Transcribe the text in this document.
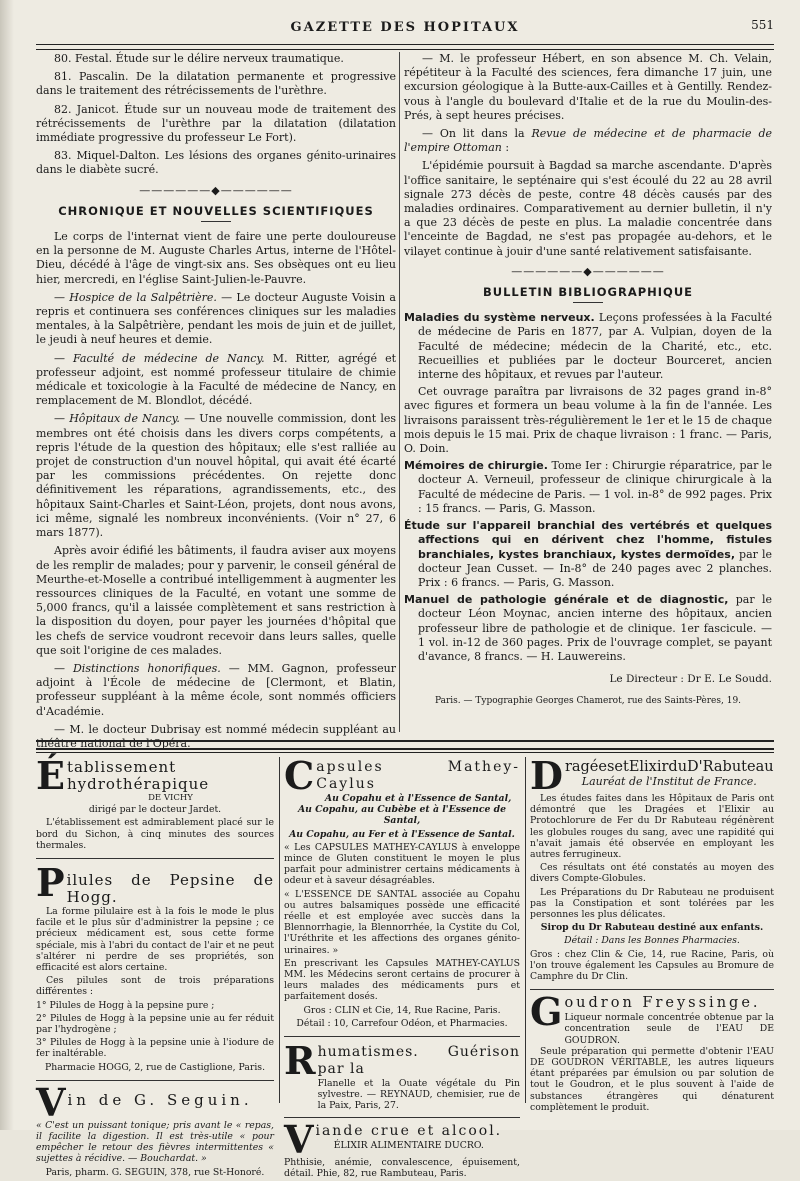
GAZETTE DES HOPITAUX	551

80. Festal. Étude sur le délire nerveux traumatique.

81. Pascalin. De la dilatation permanente et progressive dans le traitement des rétrécissements de l'urèthre.

82. Janicot. Étude sur un nouveau mode de traitement des rétrécissements de l'urèthre par la dilatation (dilatation immédiate progressive du professeur Le Fort).

83. Miquel-Dalton. Les lésions des organes génito-urinaires dans le diabète sucré.

——————◆——————
CHRONIQUE ET NOUVELLES SCIENTIFIQUES

Le corps de l'internat vient de faire une perte douloureuse en la personne de M. Auguste Charles Artus, interne de l'Hôtel-Dieu, décédé à l'âge de vingt-six ans. Ses obsèques ont eu lieu hier, mercredi, en l'église Saint-Julien-le-Pauvre.

— Hospice de la Salpêtrière. — Le docteur Auguste Voisin a repris et continuera ses conférences cliniques sur les maladies mentales, à la Salpêtrière, pendant les mois de juin et de juillet, le jeudi à neuf heures et demie.

— Faculté de médecine de Nancy. M. Ritter, agrégé et professeur adjoint, est nommé professeur titulaire de chimie médicale et toxicologie à la Faculté de médecine de Nancy, en remplacement de M. Blondlot, décédé.

— Hôpitaux de Nancy. — Une nouvelle commission, dont les membres ont été choisis dans les divers corps compétents, a repris l'étude de la question des hôpitaux; elle s'est ralliée au projet de construction d'un nouvel hôpital, qui avait été écarté par les commissions précédentes. On rejette donc définitivement les réparations, agrandissements, etc., des hôpitaux Saint-Charles et Saint-Léon, projets, dont nous avons, ici même, signalé les nombreux inconvénients. (Voir n° 27, 6 mars 1877).

Après avoir édifié les bâtiments, il faudra aviser aux moyens de les remplir de malades; pour y parvenir, le conseil général de Meurthe-et-Moselle a contribué intelligemment à augmenter les ressources cliniques de la Faculté, en votant une somme de 5,000 francs, qu'il a laissée complètement et sans restriction à la disposition du doyen, pour payer les journées d'hôpital que les chefs de service voudront recevoir dans leurs salles, quelle que soit l'origine de ces malades.

— Distinctions honorifiques. — MM. Gagnon, professeur adjoint à l'École de médecine de [Clermont, et Blatin, professeur suppléant à la même école, sont nommés officiers d'Académie.

— M. le docteur Dubrisay est nommé médecin suppléant au théâtre national de l'Opéra.

— M. le professeur Hébert, en son absence M. Ch. Velain, répétiteur à la Faculté des sciences, fera dimanche 17 juin, une excursion géologique à la Butte-aux-Cailles et à Gentilly. Rendez-vous à l'angle du boulevard d'Italie et de la rue du Moulin-des-Prés, à sept heures précises.

— On lit dans la Revue de médecine et de pharmacie de l'empire Ottoman :

L'épidémie poursuit à Bagdad sa marche ascendante. D'après l'office sanitaire, le septénaire qui s'est écoulé du 22 au 28 avril signale 273 décès de peste, contre 48 décès causés par des maladies ordinaires. Comparativement au dernier bulletin, il n'y a que 23 décès de peste en plus. La maladie concentrée dans l'enceinte de Bagdad, ne s'est pas propagée au-dehors, et le vilayet continue à jouir d'une santé relativement satisfaisante.

——————◆——————
BULLETIN BIBLIOGRAPHIQUE

Maladies du système nerveux. Leçons professées à la Faculté de médecine de Paris en 1877, par A. Vulpian, doyen de la Faculté de médecine; médecin de la Charité, etc., etc. Recueillies et publiées par le docteur Bourceret, ancien interne des hôpitaux, et revues par l'auteur.

Cet ouvrage paraîtra par livraisons de 32 pages grand in-8° avec figures et formera un beau volume à la fin de l'année. Les livraisons paraissent très-régulièrement le 1er et le 15 de chaque mois depuis le 15 mai. Prix de chaque livraison : 1 franc. — Paris, O. Doin.

Mémoires de chirurgie. Tome Ier : Chirurgie réparatrice, par le docteur A. Verneuil, professeur de clinique chirurgicale à la Faculté de médecine de Paris. — 1 vol. in-8° de 992 pages. Prix : 15 francs. — Paris, G. Masson.

Étude sur l'appareil branchial des vertébrés et quelques affections qui en dérivent chez l'homme, fistules branchiales, kystes branchiaux, kystes dermoïdes, par le docteur Jean Cusset. — In-8° de 240 pages avec 2 planches. Prix : 6 francs. — Paris, G. Masson.

Manuel de pathologie générale et de diagnostic, par le docteur Léon Moynac, ancien interne des hôpitaux, ancien professeur libre de pathologie et de clinique. 1er fascicule. — 1 vol. in-12 de 360 pages. Prix de l'ouvrage complet, se payant d'avance, 8 francs. — H. Lauwereins.

Le Directeur : Dr E. Le Soudd.
Paris. — Typographie Georges Chamerot, rue des Saints-Pères, 19.
É tablissement hydrothérapique
DE VICHY

dirigé par le docteur Jardet.

L'établissement est admirablement placé sur le bord du Sichon, à cinq minutes des sources thermales.

P ilules de Pepsine de Hogg.

La forme pilulaire est à la fois le mode le plus facile et le plus sûr d'administrer la pepsine ; ce précieux médicament est, sous cette forme spéciale, mis à l'abri du contact de l'air et ne peut s'altérer ni perdre de ses propriétés, son efficacité est alors certaine.

Ces pilules sont de trois préparations différentes :

1° Pilules de Hogg à la pepsine pure ;

2° Pilules de Hogg à la pepsine unie au fer réduit par l'hydrogène ;

3° Pilules de Hogg à la pepsine unie à l'iodure de fer inaltérable.

Pharmacie HOGG, 2, rue de Castiglione, Paris.

V in de G. Seguin.

« C'est un puissant tonique; pris avant le « repas, il facilite la digestion. Il est très-utile « pour empêcher le retour des fièvres intermittentes « sujettes à récidive. — Bouchardat. »

Paris, pharm. G. SEGUIN, 378, rue St-Honoré.

C apsules Mathey-Caylus
Au Copahu et à l'Essence de Santal,

Au Copahu, au Cubèbe et à l'Essence de Santal,

Au Copahu, au Fer et à l'Essence de Santal.

« Les CAPSULES MATHEY-CAYLUS à enveloppe mince de Gluten constituent le moyen le plus parfait pour administrer certains médicaments à odeur et à saveur désagréables.

« L'ESSENCE DE SANTAL associée au Copahu ou autres balsamiques possède une efficacité réelle et est employée avec succès dans la Blennorrhagie, la Blennorrhée, la Cystite du Col, l'Uréthrite et les affections des organes génito-urinaires. »

En prescrivant les Capsules MATHEY-CAYLUS MM. les Médecins seront certains de procurer à leurs malades des médicaments purs et parfaitement dosés.

Gros : CLIN et Cie, 14, Rue Racine, Paris.

Détail : 10, Carrefour Odéon, et Pharmacies.

R humatismes. Guérison par la
Flanelle et la Ouate végétale du Pin sylvestre. — REYNAUD, chemisier, rue de la Paix, Paris, 27.
V iande crue et alcool.
ÉLIXIR ALIMENTAIRE DUCRO.

Phthisie, anémie, convalescence, épuisement, détail. Phie, 82, rue Rambuteau, Paris.

D ragéesetElixirduD'Rabuteau
Lauréat de l'Institut de France.

Les études faites dans les Hôpitaux de Paris ont démontré que les Dragées et l'Elixir au Protochlorure de Fer du Dr Rabuteau régénèrent les globules rouges du sang, avec une rapidité qui n'avait jamais été observée en employant les autres ferrugineux.

Ces résultats ont été constatés au moyen des divers Compte-Globules.

Les Préparations du Dr Rabuteau ne produisent pas la Constipation et sont tolérées par les personnes les plus délicates.

Sirop du Dr Rabuteau destiné aux enfants.

Détail : Dans les Bonnes Pharmacies.

Gros : chez Clin & Cie, 14, rue Racine, Paris, où l'on trouve également les Capsules au Bromure de Camphre du Dr Clin.

G oudron Freyssinge.
Liqueur normale concentrée obtenue par la concentration seule de l'EAU DE GOUDRON.

Seule préparation qui permette d'obtenir l'EAU DE GOUDRON VÉRITABLE, les autres liqueurs étant préparées par émulsion ou par solution de tout le Goudron, et le plus souvent à l'aide de substances étrangères qui dénaturent complètement le produit.
